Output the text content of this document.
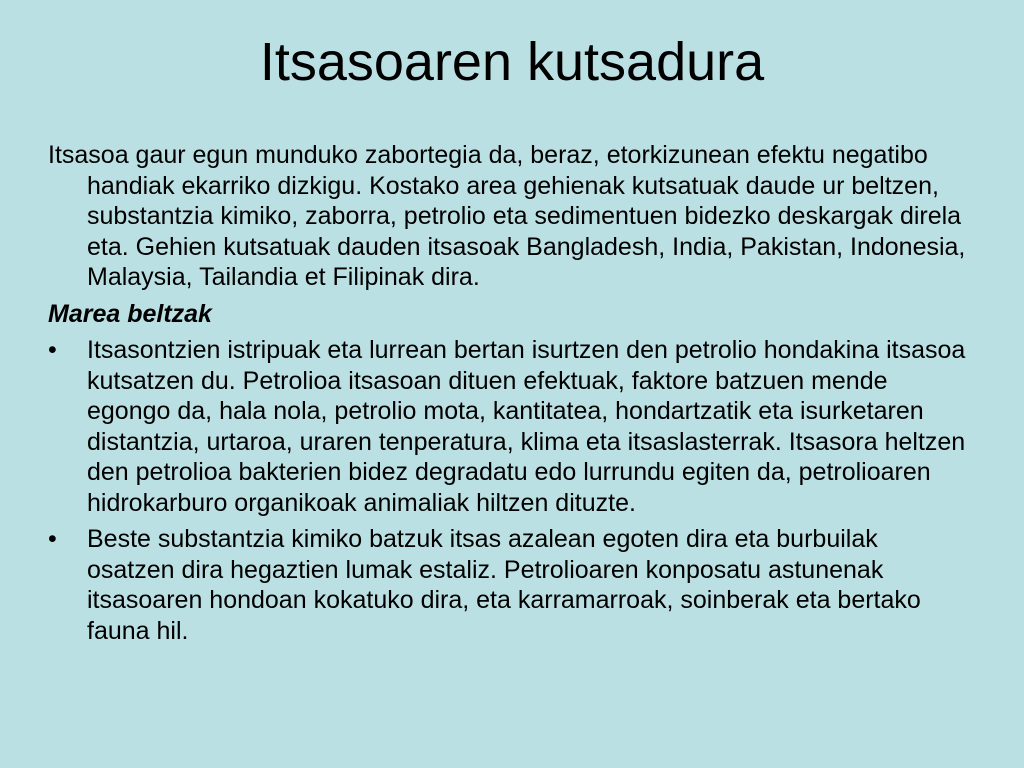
Itsasoaren kutsadura

Itsasoa gaur egun munduko zabortegia da, beraz, etorkizunean efektu negatibo handiak ekarriko dizkigu. Kostako area gehienak kutsatuak daude ur beltzen, substantzia kimiko, zaborra, petrolio eta sedimentuen bidezko deskargak direla eta. Gehien kutsatuak dauden itsasoak Bangladesh, India, Pakistan, Indonesia, Malaysia, Tailandia et Filipinak dira.

Marea beltzak

•	Itsasontzien istripuak eta lurrean bertan isurtzen den petrolio hondakina itsasoa kutsatzen du. Petrolioa itsasoan dituen efektuak, faktore batzuen mende egongo da, hala nola, petrolio mota, kantitatea, hondartzatik eta isurketaren distantzia, urtaroa, uraren tenperatura, klima eta itsaslasterrak. Itsasora heltzen den petrolioa bakterien bidez degradatu edo lurrundu egiten da, petrolioaren hidrokarburo organikoak animaliak hiltzen dituzte.
•	Beste substantzia kimiko batzuk itsas azalean egoten dira eta burbuilak osatzen dira hegaztien lumak estaliz. Petrolioaren konposatu astunenak itsasoaren hondoan kokatuko dira, eta karramarroak, soinberak eta bertako fauna hil.
